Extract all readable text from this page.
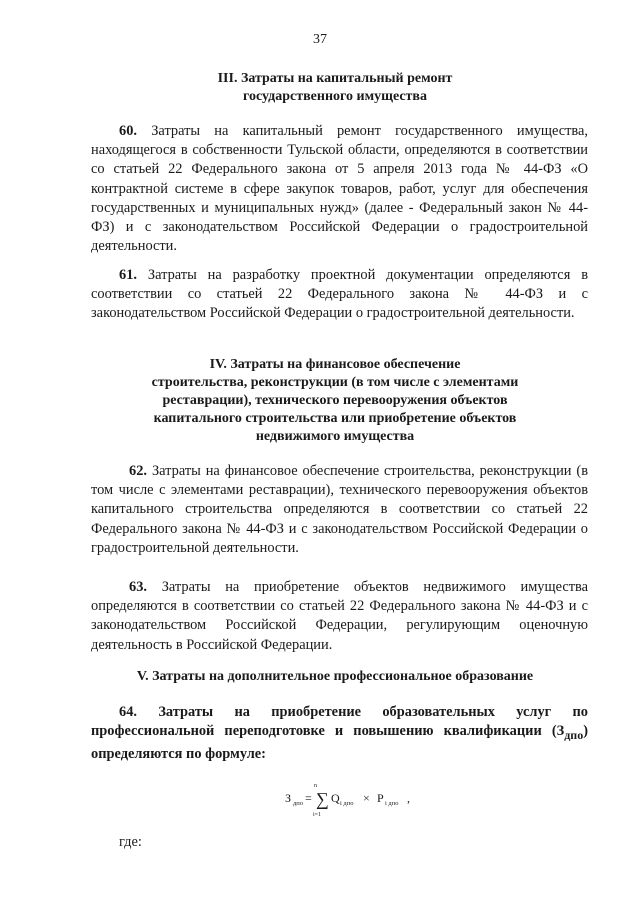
37
III. Затраты на капитальный ремонт
государственного имущества

60. Затраты на капитальный ремонт государственного имущества, находящегося в собственности Тульской области, определяются в соответствии со статьей 22 Федерального закона от 5 апреля 2013 года № 44-ФЗ «О контрактной системе в сфере закупок товаров, работ, услуг для обеспечения государственных и муниципальных нужд» (далее - Федеральный закон № 44-ФЗ) и с законодательством Российской Федерации о градостроительной деятельности.

61. Затраты на разработку проектной документации определяются в соответствии со статьей 22 Федерального закона № 44-ФЗ и с законодательством Российской Федерации о градостроительной деятельности.

IV. Затраты на финансовое обеспечение
строительства, реконструкции (в том числе с элементами
реставрации), технического перевооружения объектов
капитального строительства или приобретение объектов
недвижимого имущества

62. Затраты на финансовое обеспечение строительства, реконструкции (в том числе с элементами реставрации), технического перевооружения объектов капитального строительства определяются в соответствии со статьей 22 Федерального закона № 44-ФЗ и с законодательством Российской Федерации о градостроительной деятельности.

63. Затраты на приобретение объектов недвижимого имущества определяются в соответствии со статьей 22 Федерального закона № 44-ФЗ и с законодательством Российской Федерации, регулирующим оценочную деятельность в Российской Федерации.

V. Затраты на дополнительное профессиональное образование

64. Затраты на приобретение образовательных услуг по профессиональной переподготовке и повышению квалификации $(З_{дпо})$ определяются по формуле:

З дпо =
n
∑
i=1
Q i дпо × P i дпо ,
где:
